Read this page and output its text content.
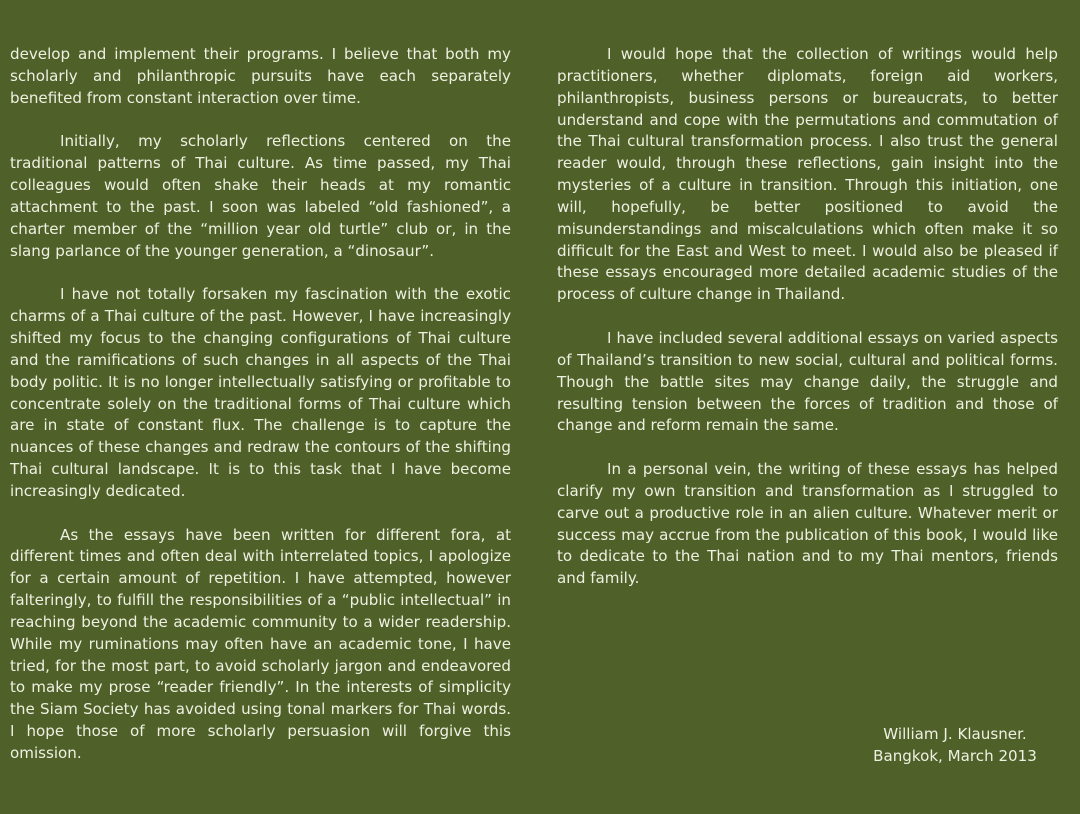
develop and implement their programs. I believe that both my scholarly and philanthropic pursuits have each separately benefited from constant interaction over time.

Initially, my scholarly reflections centered on the traditional patterns of Thai culture. As time passed, my Thai colleagues would often shake their heads at my romantic attachment to the past. I soon was labeled “old fashioned”, a charter member of the “million year old turtle” club or, in the slang parlance of the younger generation, a “dinosaur”.

I have not totally forsaken my fascination with the exotic charms of a Thai culture of the past. However, I have increasingly shifted my focus to the changing configurations of Thai culture and the ramifications of such changes in all aspects of the Thai body politic. It is no longer intellectually satisfying or profitable to concentrate solely on the traditional forms of Thai culture which are in state of constant flux. The challenge is to capture the nuances of these changes and redraw the contours of the shifting Thai cultural landscape. It is to this task that I have become increasingly dedicated.

As the essays have been written for different fora, at different times and often deal with interrelated topics, I apologize for a certain amount of repetition. I have attempted, however falteringly, to fulfill the responsibilities of a “public intellectual” in reaching beyond the academic community to a wider readership. While my ruminations may often have an academic tone, I have tried, for the most part, to avoid scholarly jargon and endeavored to make my prose “reader friendly”. In the interests of simplicity the Siam Society has avoided using tonal markers for Thai words. I hope those of more scholarly persuasion will forgive this omission.

I would hope that the collection of writings would help practitioners, whether diplomats, foreign aid workers, philanthropists, business persons or bureaucrats, to better understand and cope with the permutations and commutation of the Thai cultural transformation process. I also trust the general reader would, through these reflections, gain insight into the mysteries of a culture in transition. Through this initiation, one will, hopefully, be better positioned to avoid the misunderstandings and miscalculations which often make it so difficult for the East and West to meet. I would also be pleased if these essays encouraged more detailed academic studies of the process of culture change in Thailand.

I have included several additional essays on varied aspects of Thailand’s transition to new social, cultural and political forms. Though the battle sites may change daily, the struggle and resulting tension between the forces of tradition and those of change and reform remain the same.

In a personal vein, the writing of these essays has helped clarify my own transition and transformation as I struggled to carve out a productive role in an alien culture. Whatever merit or success may accrue from the publication of this book, I would like to dedicate to the Thai nation and to my Thai mentors, friends and family.

William J. Klausner.
Bangkok, March 2013
